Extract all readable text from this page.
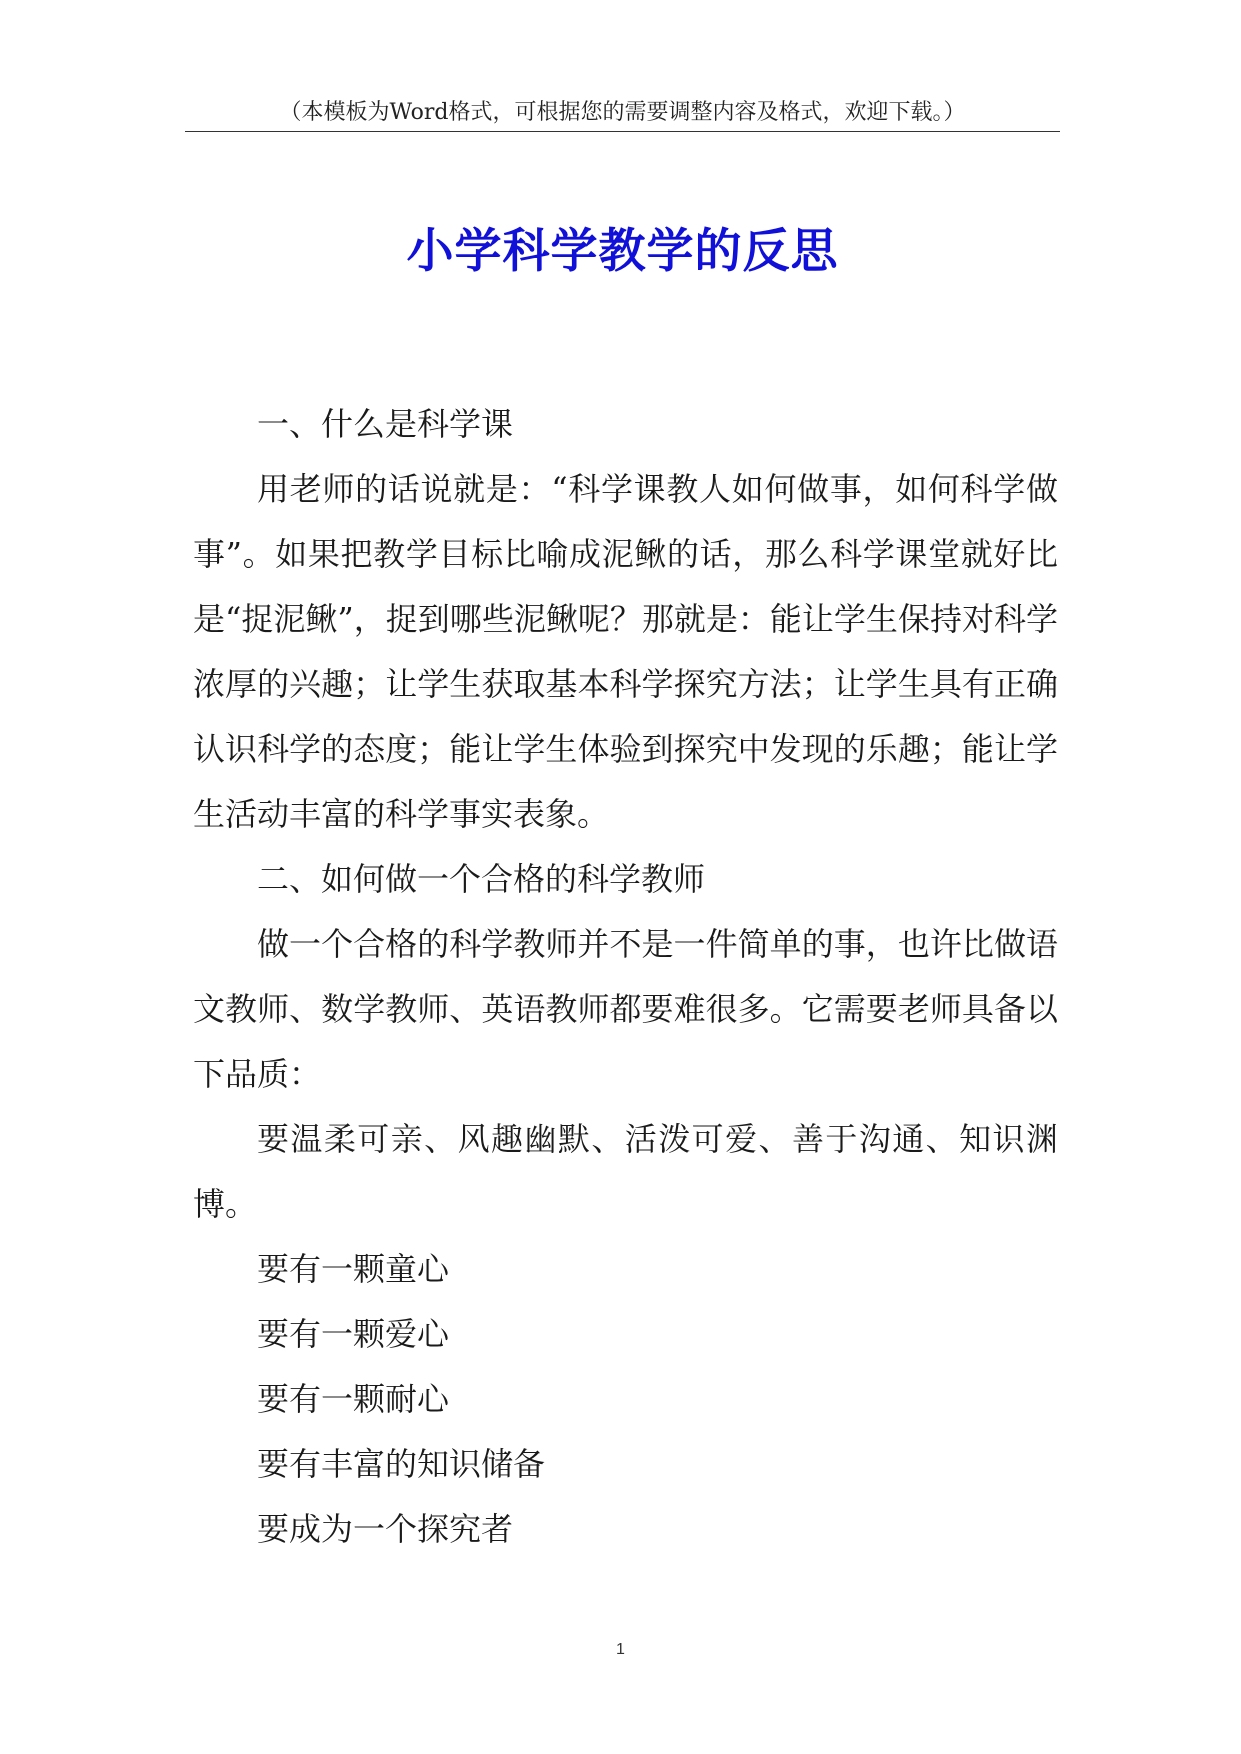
（本模板为Word格式，可根据您的需要调整内容及格式，欢迎下载。）
小学科学教学的反思

一、什么是科学课

用老师的话说就是：“科学课教人如何做事，如何科学做事”。如果把教学目标比喻成泥鳅的话，那么科学课堂就好比是“捉泥鳅”，捉到哪些泥鳅呢？那就是：能让学生保持对科学浓厚的兴趣；让学生获取基本科学探究方法；让学生具有正确认识科学的态度；能让学生体验到探究中发现的乐趣；能让学生活动丰富的科学事实表象。

二、如何做一个合格的科学教师

做一个合格的科学教师并不是一件简单的事，也许比做语文教师、数学教师、英语教师都要难很多。它需要老师具备以下品质：

要温柔可亲、风趣幽默、活泼可爱、善于沟通、知识渊博。

要有一颗童心

要有一颗爱心

要有一颗耐心

要有丰富的知识储备

要成为一个探究者

1
